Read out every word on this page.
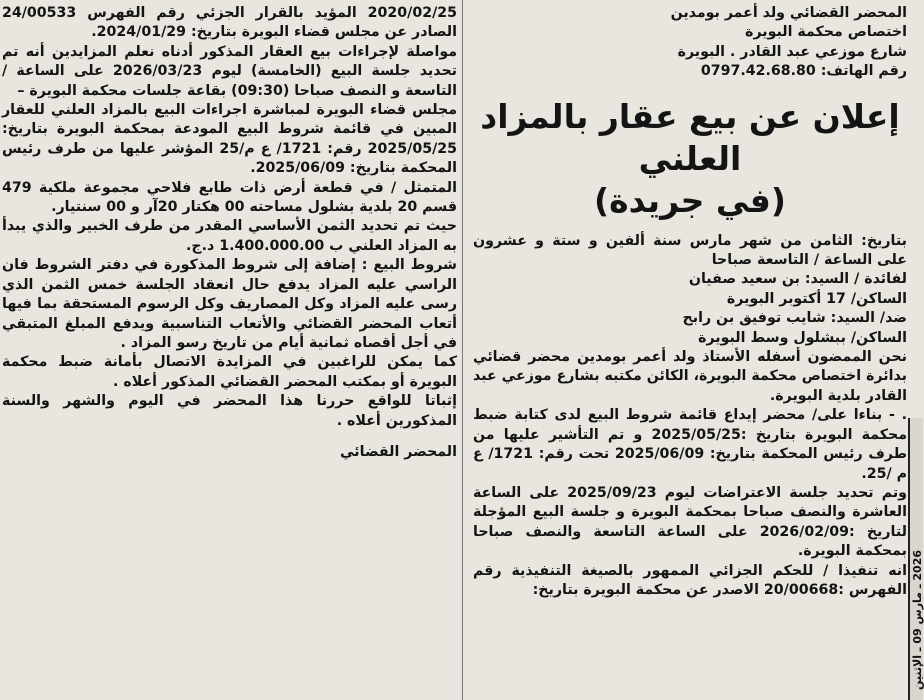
2020/02/25 المؤيد بالقرار الجزئي رقم الفهرس 24/00533 الصادر عن مجلس قضاء البويرة بتاريخ: 2024/01/29.

مواصلة لإجراءات بيع العقار المذكور أدناه نعلم المزايدين أنه تم تحديد جلسة البيع (الخامسة) ليوم 2026/03/23 على الساعة / التاسعة و النصف صباحا (09:30) بقاعة جلسات محكمة البويرة –

مجلس قضاء البويرة لمباشرة اجراءات البيع بالمزاد العلني للعقار المبين في قائمة شروط البيع المودعة بمحكمة البويرة بتاريخ: 2025/05/25 رقم: 1721/ ع م/25 المؤشر عليها من طرف رئيس المحكمة بتاريخ: 2025/06/09.

المتمثل / في قطعة أرض ذات طابع فلاحي مجموعة ملكية 479 قسم 20 بلدية بشلول مساحته 00 هكتار 20آر و 00 سنتيار.

حيث تم تحديد الثمن الأساسي المقدر من طرف الخبير والذي يبدأ به المزاد العلني ب 1.400.000.00 د.ج.

شروط البيع : إضافة إلى شروط المذكورة في دفتر الشروط فان الراسي عليه المزاد يدفع حال انعقاد الجلسة خمس الثمن الذي رسى عليه المزاد وكل المصاريف وكل الرسوم المستحقة بما فيها أتعاب المحضر القضائي والأتعاب التناسبية ويدفع المبلغ المتبقي في أجل أقصاه ثمانية أيام من تاريخ رسو المزاد .

كما يمكن للراغبين في المزايدة الاتصال بأمانة ضبط محكمة البويرة أو بمكتب المحضر القضائي المذكور أعلاه .

إثباتا للواقع حررنا هذا المحضر في اليوم والشهر والسنة المذكورين أعلاه .

المحضر القضائي

المحضر القضائي ولد أعمر بومدين

اختصاص محكمة البويرة

شارع موزعي عبد القادر . البويرة

رقم الهاتف: 0797.42.68.80

إعلان عن بيع عقار بالمزاد العلني
(في جريدة)

بتاريخ: الثامن من شهر مارس سنة ألفين و ستة و عشرون على الساعة / التاسعة صباحا

لفائدة / السيد: بن سعيد صفيان

الساكن/ 17 أكتوبر البويرة

ضد/ السيد: شايب توفيق بن رابح

الساكن/ ببشلول وسط البويرة

نحن الممضون أسفله الأستاذ ولد أعمر بومدين محضر قضائي بدائرة اختصاص محكمة البويرة، الكائن مكتبه بشارع موزعي عبد القادر بلدية البويرة.

. - بناءا على/ محضر إيداع قائمة شروط البيع لدى كتابة ضبط محكمة البويرة بتاريخ :2025/05/25 و تم التأشير عليها من طرف رئيس المحكمة بتاريخ: 2025/06/09 تحت رقم: 1721/ ع م /25.

وتم تحديد جلسة الاعتراضات ليوم 2025/09/23 على الساعة العاشرة والنصف صباحا بمحكمة البويرة و جلسة البيع المؤجلة لتاريخ :2026/02/09 على الساعة التاسعة والنصف صباحا بمحكمة البويرة.

انه تنفيذا / للحكم الجزائي الممهور بالصيغة التنفيذية رقم الفهرس :20/00668 الاصدر عن محكمة البويرة بتاريخ:

2026 ـ مارس 09 ـ الإثنين
